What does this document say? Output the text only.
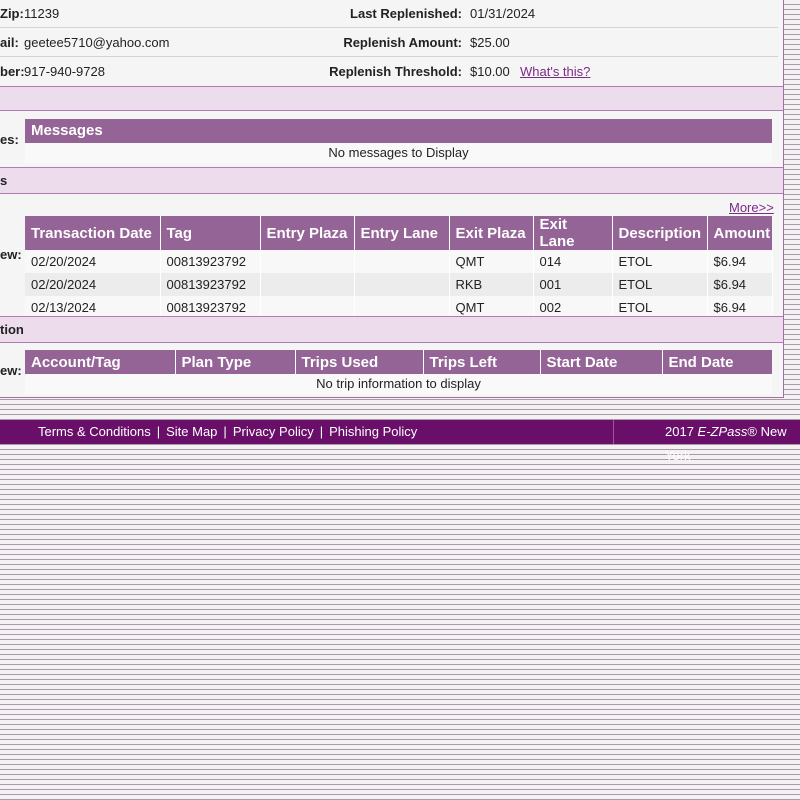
Zip: 11239	Last Replenished: 01/31/2024
ail: geetee5710@yahoo.com	Replenish Amount: $25.00
ber: 917-940-9728	Replenish Threshold: $10.00 What's this?
es:
Messages
No messages to Display
s
More>>
ew:
Transaction Date	Tag	Entry Plaza	Entry Lane	Exit Plaza	Exit Lane	Description	Amount
02/20/2024	00813923792			QMT	014	ETOL	$6.94
02/20/2024	00813923792			RKB	001	ETOL	$6.94
02/13/2024	00813923792			QMT	002	ETOL	$6.94
tion
ew: Account/Tag	Plan Type	Trips Used	Trips Left	Start Date	End Date
No trip information to display
Terms & Conditions | Site Map | Privacy Policy | Phishing Policy	2017 E-ZPass® New York
